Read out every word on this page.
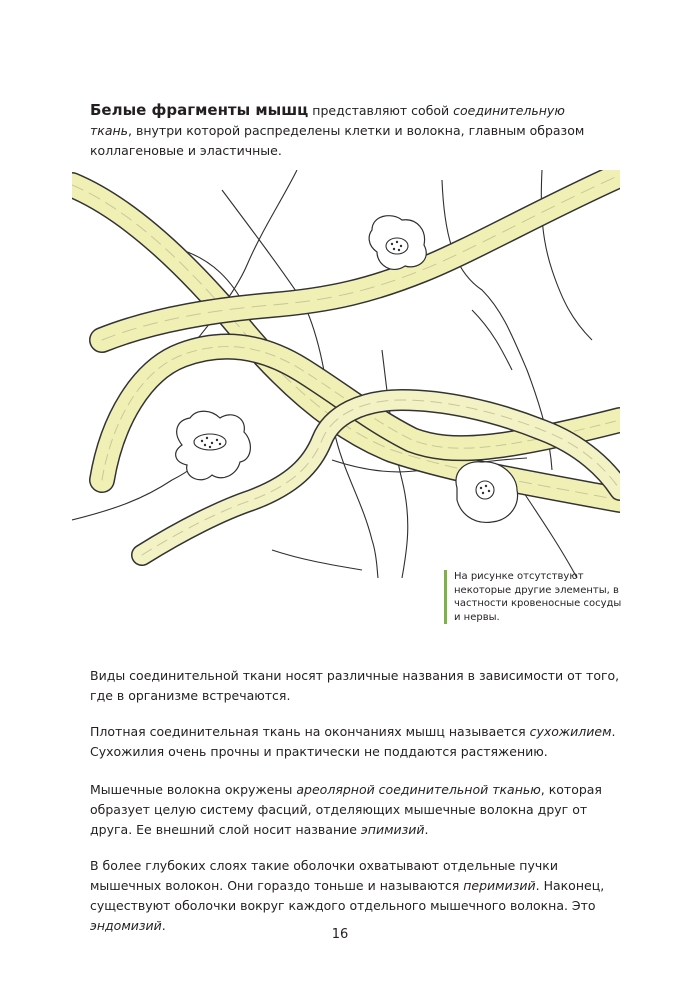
Белые фрагменты мышц представляют собой соединительную ткань, внутри которой распределены клетки и волокна, главным образом коллагеновые и эластичные.

На рисунке отсутствуют некоторые другие элементы, в частности кровеносные сосуды и нервы.

Виды соединительной ткани носят различные названия в зависимости от того, где в организме встречаются.

Плотная соединительная ткань на окончаниях мышц называется сухожилием. Сухожилия очень прочны и практически не поддаются растяжению.

Мышечные волокна окружены ареолярной соединительной тканью, которая образует целую систему фасций, отделяющих мышечные волокна друг от друга. Ее внешний слой носит название эпимизий.

В более глубоких слоях такие оболочки охватывают отдельные пучки мышечных волокон. Они гораздо тоньше и называются перимизий. Наконец, существуют оболочки вокруг каждого отдельного мышечного волокна. Это эндомизий.

16
